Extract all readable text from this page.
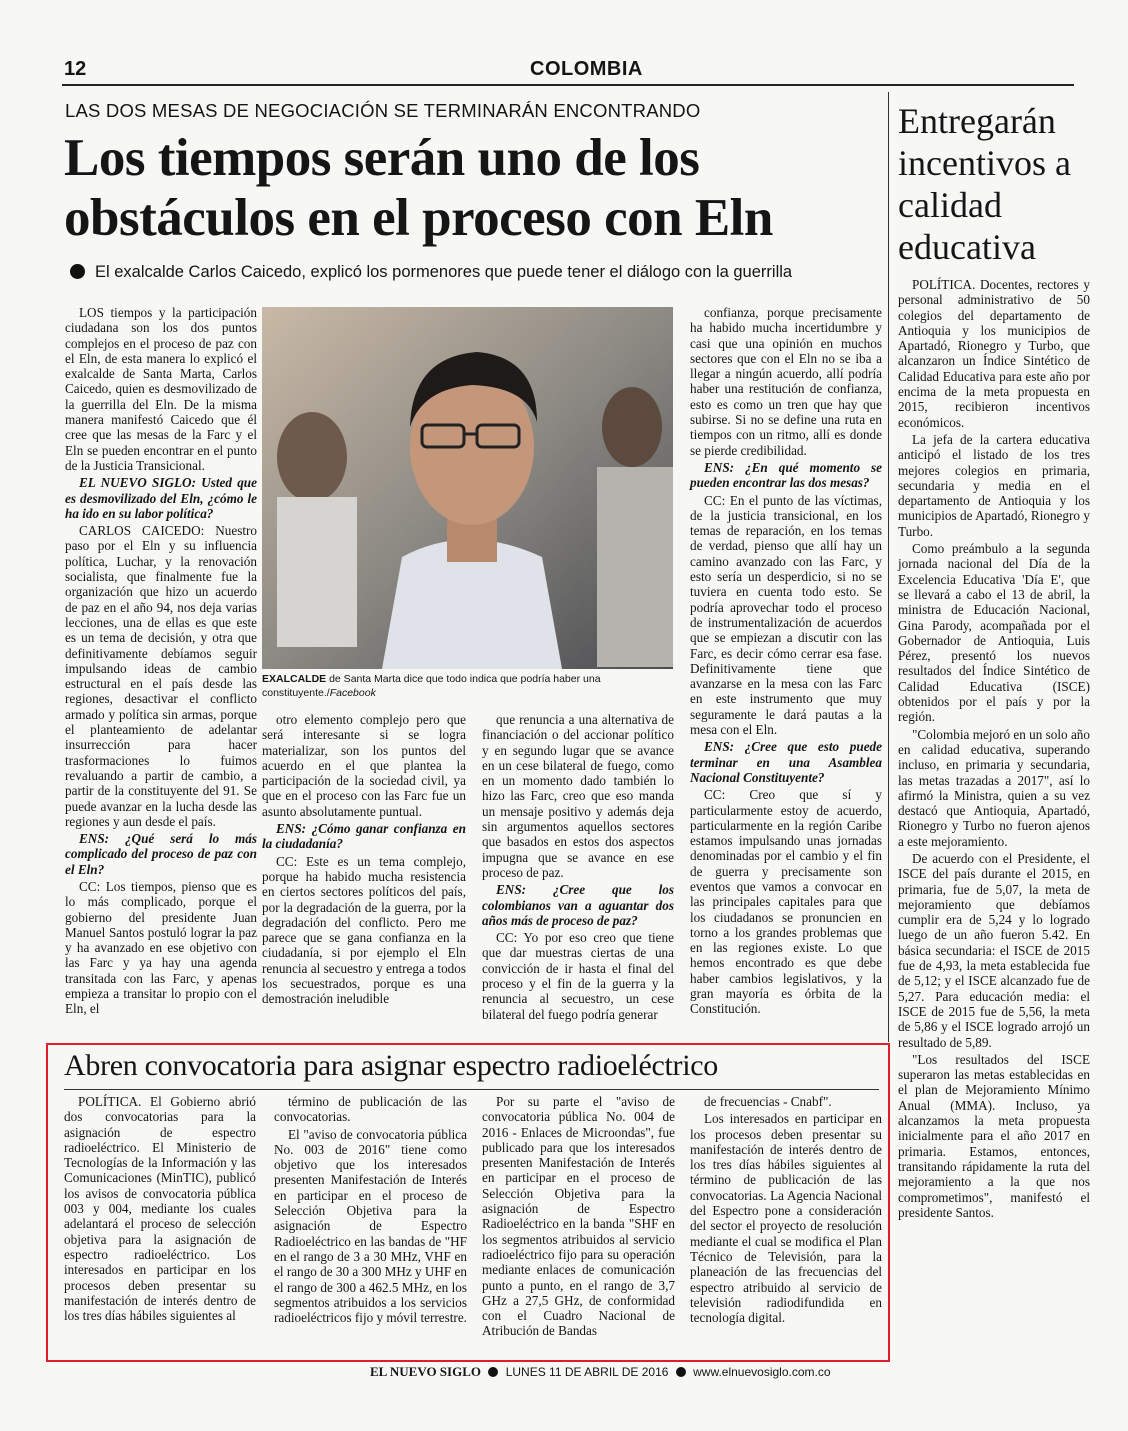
12	COLOMBIA
LAS DOS MESAS DE NEGOCIACIÓN SE TERMINARÁN ENCONTRANDO
Los tiempos serán uno de los obstáculos en el proceso con Eln
El exalcalde Carlos Caicedo, explicó los pormenores que puede tener el diálogo con la guerrilla

LOS tiempos y la participación ciudadana son los dos puntos complejos en el proceso de paz con el Eln, de esta manera lo explicó el exalcalde de Santa Marta, Carlos Caicedo, quien es desmovilizado de la guerrilla del Eln. De la misma manera manifestó Caicedo que él cree que las mesas de la Farc y el Eln se pueden encontrar en el punto de la Justicia Transicional.

EL NUEVO SIGLO: Usted que es desmovilizado del Eln, ¿cómo le ha ido en su labor política?

CARLOS CAICEDO: Nuestro paso por el Eln y su influencia política, Luchar, y la renovación socialista, que finalmente fue la organización que hizo un acuerdo de paz en el año 94, nos deja varias lecciones, una de ellas es que este es un tema de decisión, y otra que definitivamente debíamos seguir impulsando ideas de cambio estructural en el país desde las regiones, desactivar el conflicto armado y política sin armas, porque el planteamiento de adelantar insurrección para hacer trasformaciones lo fuimos revaluando a partir de cambio, a partir de la constituyente del 91. Se puede avanzar en la lucha desde las regiones y aun desde el país.

ENS: ¿Qué será lo más complicado del proceso de paz con el Eln?

CC: Los tiempos, pienso que es lo más complicado, porque el gobierno del presidente Juan Manuel Santos postuló lograr la paz y ha avanzado en ese objetivo con las Farc y ya hay una agenda transitada con las Farc, y apenas empieza a transitar lo propio con el Eln, el

EXALCALDE de Santa Marta dice que todo indica que podría haber una constituyente./Facebook

otro elemento complejo pero que será interesante si se logra materializar, son los puntos del acuerdo en el que plantea la participación de la sociedad civil, ya que en el proceso con las Farc fue un asunto absolutamente puntual.

ENS: ¿Cómo ganar confianza en la ciudadanía?

CC: Este es un tema complejo, porque ha habido mucha resistencia en ciertos sectores políticos del país, por la degradación de la guerra, por la degradación del conflicto. Pero me parece que se gana confianza en la ciudadanía, si por ejemplo el Eln renuncia al secuestro y entrega a todos los secuestrados, porque es una demostración ineludible

que renuncia a una alternativa de financiación o del accionar político y en segundo lugar que se avance en un cese bilateral de fuego, como en un momento dado también lo hizo las Farc, creo que eso manda un mensaje positivo y además deja sin argumentos aquellos sectores que basados en estos dos aspectos impugna que se avance en ese proceso de paz.

ENS: ¿Cree que los colombianos van a aguantar dos años más de proceso de paz?

CC: Yo por eso creo que tiene que dar muestras ciertas de una convicción de ir hasta el final del proceso y el fin de la guerra y la renuncia al secuestro, un cese bilateral del fuego podría generar

confianza, porque precisamente ha habido mucha incertidumbre y casi que una opinión en muchos sectores que con el Eln no se iba a llegar a ningún acuerdo, allí podría haber una restitución de confianza, esto es como un tren que hay que subirse. Si no se define una ruta en tiempos con un ritmo, allí es donde se pierde credibilidad.

ENS: ¿En qué momento se pueden encontrar las dos mesas?

CC: En el punto de las víctimas, de la justicia transicional, en los temas de reparación, en los temas de verdad, pienso que allí hay un camino avanzado con las Farc, y esto sería un desperdicio, si no se tuviera en cuenta todo esto. Se podría aprovechar todo el proceso de instrumentalización de acuerdos que se empiezan a discutir con las Farc, es decir cómo cerrar esa fase. Definitivamente tiene que avanzarse en la mesa con las Farc en este instrumento que muy seguramente le dará pautas a la mesa con el Eln.

ENS: ¿Cree que esto puede terminar en una Asamblea Nacional Constituyente?

CC: Creo que sí y particularmente estoy de acuerdo, particularmente en la región Caribe estamos impulsando unas jornadas denominadas por el cambio y el fin de guerra y precisamente son eventos que vamos a convocar en las principales capitales para que los ciudadanos se pronuncien en torno a los grandes problemas que en las regiones existe. Lo que hemos encontrado es que debe haber cambios legislativos, y la gran mayoría es órbita de la Constitución.

Entregarán incentivos a calidad educativa

POLÍTICA. Docentes, rectores y personal administrativo de 50 colegios del departamento de Antioquia y los municipios de Apartadó, Rionegro y Turbo, que alcanzaron un Índice Sintético de Calidad Educativa para este año por encima de la meta propuesta en 2015, recibieron incentivos económicos.

La jefa de la cartera educativa anticipó el listado de los tres mejores colegios en primaria, secundaria y media en el departamento de Antioquia y los municipios de Apartadó, Rionegro y Turbo.

Como preámbulo a la segunda jornada nacional del Día de la Excelencia Educativa 'Día E', que se llevará a cabo el 13 de abril, la ministra de Educación Nacional, Gina Parody, acompañada por el Gobernador de Antioquia, Luis Pérez, presentó los nuevos resultados del Índice Sintético de Calidad Educativa (ISCE) obtenidos por el país y por la región.

"Colombia mejoró en un solo año en calidad educativa, superando incluso, en primaria y secundaria, las metas trazadas a 2017", así lo afirmó la Ministra, quien a su vez destacó que Antioquia, Apartadó, Rionegro y Turbo no fueron ajenos a este mejoramiento.

De acuerdo con el Presidente, el ISCE del país durante el 2015, en primaria, fue de 5,07, la meta de mejoramiento que debíamos cumplir era de 5,24 y lo logrado luego de un año fueron 5.42. En básica secundaria: el ISCE de 2015 fue de 4,93, la meta establecida fue de 5,12; y el ISCE alcanzado fue de 5,27. Para educación media: el ISCE de 2015 fue de 5,56, la meta de 5,86 y el ISCE logrado arrojó un resultado de 5,89.

"Los resultados del ISCE superaron las metas establecidas en el plan de Mejoramiento Mínimo Anual (MMA). Incluso, ya alcanzamos la meta propuesta inicialmente para el año 2017 en primaria. Estamos, entonces, transitando rápidamente la ruta del mejoramiento a la que nos comprometimos", manifestó el presidente Santos.

Abren convocatoria para asignar espectro radioeléctrico

POLÍTICA. El Gobierno abrió dos convocatorias para la asignación de espectro radioeléctrico. El Ministerio de Tecnologías de la Información y las Comunicaciones (MinTIC), publicó los avisos de convocatoria pública 003 y 004, mediante los cuales adelantará el proceso de selección objetiva para la asignación de espectro radioeléctrico. Los interesados en participar en los procesos deben presentar su manifestación de interés dentro de los tres días hábiles siguientes al

término de publicación de las convocatorias.

El "aviso de convocatoria pública No. 003 de 2016" tiene como objetivo que los interesados presenten Manifestación de Interés en participar en el proceso de Selección Objetiva para la asignación de Espectro Radioeléctrico en las bandas de "HF en el rango de 3 a 30 MHz, VHF en el rango de 30 a 300 MHz y UHF en el rango de 300 a 462.5 MHz, en los segmentos atribuidos a los servicios radioeléctricos fijo y móvil terrestre.

Por su parte el "aviso de convocatoria pública No. 004 de 2016 - Enlaces de Microondas", fue publicado para que los interesados presenten Manifestación de Interés en participar en el proceso de Selección Objetiva para la asignación de Espectro Radioeléctrico en la banda "SHF en los segmentos atribuidos al servicio radioeléctrico fijo para su operación mediante enlaces de comunicación punto a punto, en el rango de 3,7 GHz a 27,5 GHz, de conformidad con el Cuadro Nacional de Atribución de Bandas

de frecuencias - Cnabf".

Los interesados en participar en los procesos deben presentar su manifestación de interés dentro de los tres días hábiles siguientes al término de publicación de las convocatorias. La Agencia Nacional del Espectro pone a consideración del sector el proyecto de resolución mediante el cual se modifica el Plan Técnico de Televisión, para la planeación de las frecuencias del espectro atribuido al servicio de televisión radiodifundida en tecnología digital.

EL NUEVO SIGLO LUNES 11 DE ABRIL DE 2016 www.elnuevosiglo.com.co
